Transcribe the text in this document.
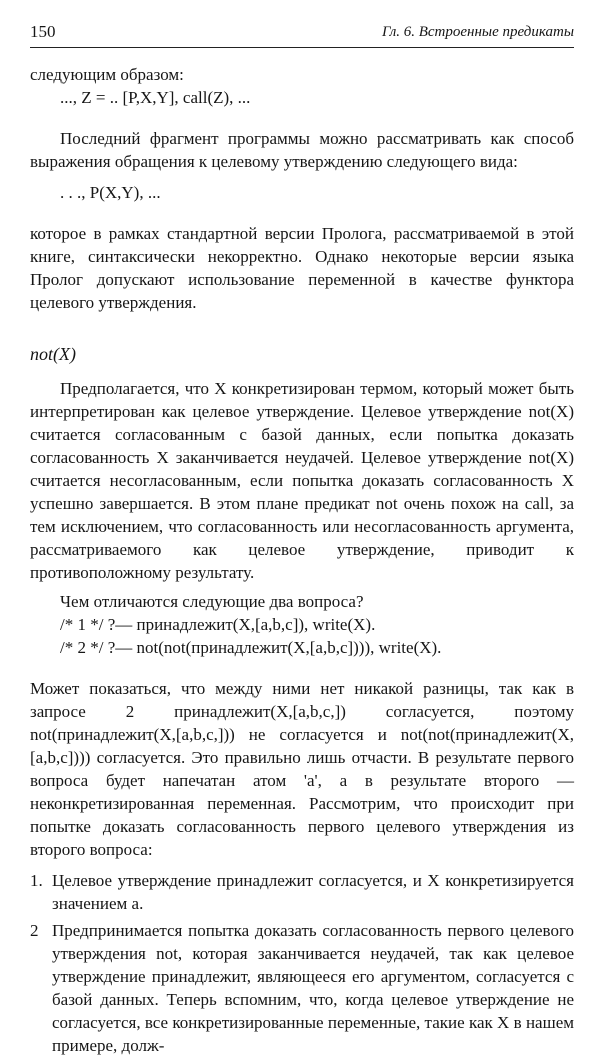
150	Гл. 6. Встроенные предикаты

следующим образом:

..., Z = .. [P,X,Y], call(Z), ...

Последний фрагмент программы можно рассматривать как способ выражения обращения к целевому утверждению следующего вида:

. . ., P(X,Y), ...

которое в рамках стандартной версии Пролога, рассматриваемой в этой книге, синтаксически некорректно. Однако некоторые версии языка Пролог допускают использование переменной в качестве функтора целевого утверждения.

not(X)

Предполагается, что X конкретизирован термом, который может быть интерпретирован как целевое утверждение. Целевое утверждение not(X) считается согласованным с базой данных, если попытка доказать согласованность X заканчивается неудачей. Целевое утверждение not(X) считается несогласованным, если попытка доказать согласованность X успешно завершается. В этом плане предикат not очень похож на call, за тем исключением, что согласованность или несогласованность аргумента, рассматриваемого как целевое утверждение, приводит к противоположному результату.

Чем отличаются следующие два вопроса?

/* 1 */ ?— принадлежит(X,[a,b,c]), write(X).
/* 2 */ ?— not(not(принадлежит(X,[a,b,c]))), write(X).

Может показаться, что между ними нет никакой разницы, так как в запросе 2 принадлежит(X,[a,b,c,]) согласуется, поэтому not(принадлежит(X,[a,b,c,])) не согласуется и not(not(принадлежит(X,[a,b,c]))) согласуется. Это правильно лишь отчасти. В результате первого вопроса будет напечатан атом 'а', а в результате второго — неконкретизированная переменная. Рассмотрим, что происходит при попытке доказать согласованность первого целевого утверждения из второго вопроса:

1. Целевое утверждение принадлежит согласуется, и X конкретизируется значением a.

2 Предпринимается попытка доказать согласованность первого целевого утверждения not, которая заканчивается неудачей, так как целевое утверждение принадлежит, являющееся его аргументом, согласуется с базой данных. Теперь вспомним, что, когда целевое утверждение не согласуется, все конкретизированные переменные, такие как X в нашем примере, долж-
